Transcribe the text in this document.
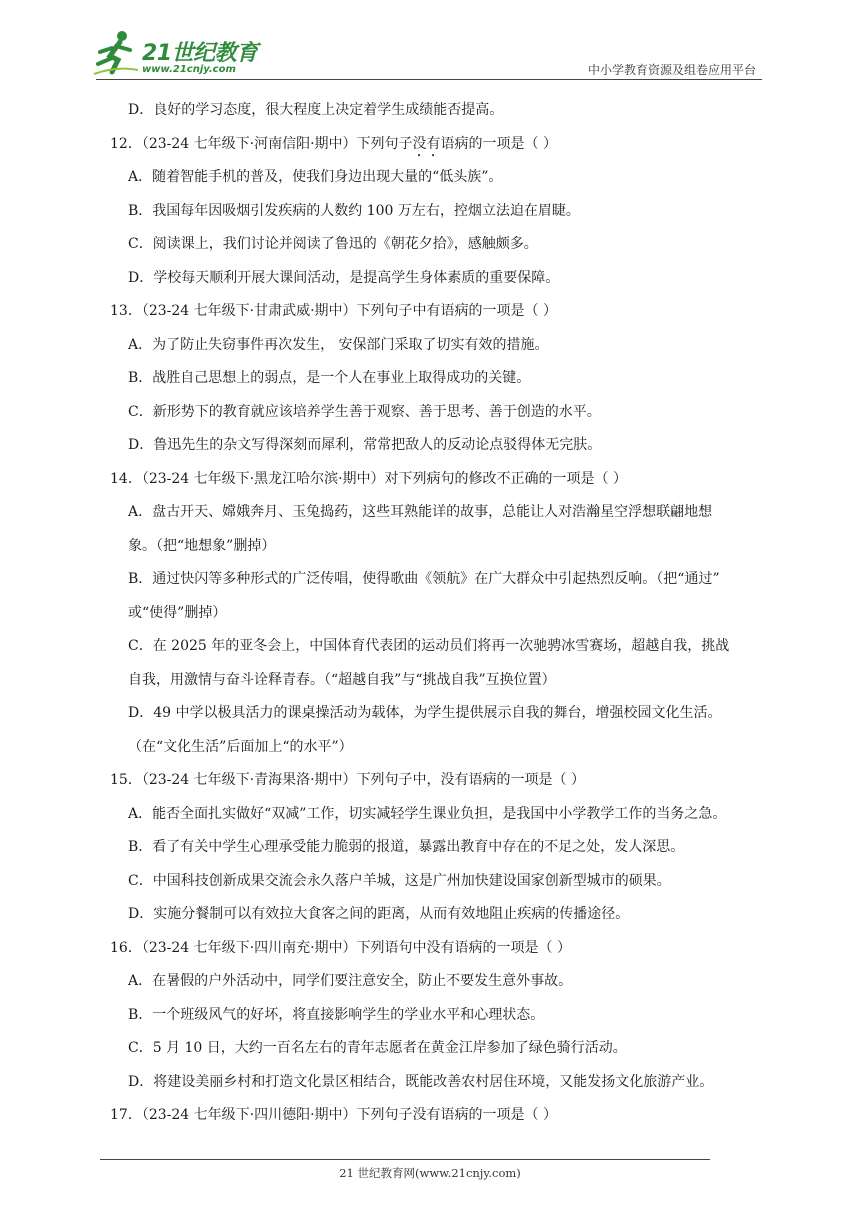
21世纪教育
www.21cnjy.com	中小学教育资源及组卷应用平台
D．良好的学习态度，很大程度上决定着学生成绩能否提高。
12．（23-24 七年级下·河南信阳·期中）下列句子没有语病的一项是（ ）
A．随着智能手机的普及，使我们身边出现大量的“低头族”。
B．我国每年因吸烟引发疾病的人数约 100 万左右，控烟立法迫在眉睫。
C．阅读课上，我们讨论并阅读了鲁迅的《朝花夕拾》，感触颇多。
D．学校每天顺利开展大课间活动，是提高学生身体素质的重要保障。
13．（23-24 七年级下·甘肃武威·期中）下列句子中有语病的一项是（ ）
A．为了防止失窃事件再次发生， 安保部门采取了切实有效的措施。
B．战胜自己思想上的弱点，是一个人在事业上取得成功的关键。
C．新形势下的教育就应该培养学生善于观察、善于思考、善于创造的水平。
D．鲁迅先生的杂文写得深刻而犀利，常常把敌人的反动论点驳得体无完肤。
14．（23-24 七年级下·黑龙江哈尔滨·期中）对下列病句的修改不正确的一项是（ ）
A．盘古开天、嫦娥奔月、玉兔捣药，这些耳熟能详的故事，总能让人对浩瀚星空浮想联翩地想
象。（把“地想象”删掉）
B．通过快闪等多种形式的广泛传唱，使得歌曲《领航》在广大群众中引起热烈反响。（把“通过”
或“使得”删掉）
C．在 2025 年的亚冬会上，中国体育代表团的运动员们将再一次驰骋冰雪赛场，超越自我，挑战
自我，用激情与奋斗诠释青春。（“超越自我”与“挑战自我”互换位置）
D．49 中学以极具活力的课桌操活动为载体，为学生提供展示自我的舞台，增强校园文化生活。
（在“文化生活”后面加上“的水平”）
15．（23-24 七年级下·青海果洛·期中）下列句子中，没有语病的一项是（ ）
A．能否全面扎实做好“双减”工作，切实减轻学生课业负担，是我国中小学教学工作的当务之急。
B．看了有关中学生心理承受能力脆弱的报道，暴露出教育中存在的不足之处，发人深思。
C．中国科技创新成果交流会永久落户羊城，这是广州加快建设国家创新型城市的硕果。
D．实施分餐制可以有效拉大食客之间的距离，从而有效地阻止疾病的传播途径。
16．（23-24 七年级下·四川南充·期中）下列语句中没有语病的一项是（ ）
A．在暑假的户外活动中，同学们要注意安全，防止不要发生意外事故。
B．一个班级风气的好坏，将直接影响学生的学业水平和心理状态。
C．5 月 10 日，大约一百名左右的青年志愿者在黄金江岸参加了绿色骑行活动。
D．将建设美丽乡村和打造文化景区相结合，既能改善农村居住环境，又能发扬文化旅游产业。
17．（23-24 七年级下·四川德阳·期中）下列句子没有语病的一项是（ ）
21 世纪教育网(www.21cnjy.com)
